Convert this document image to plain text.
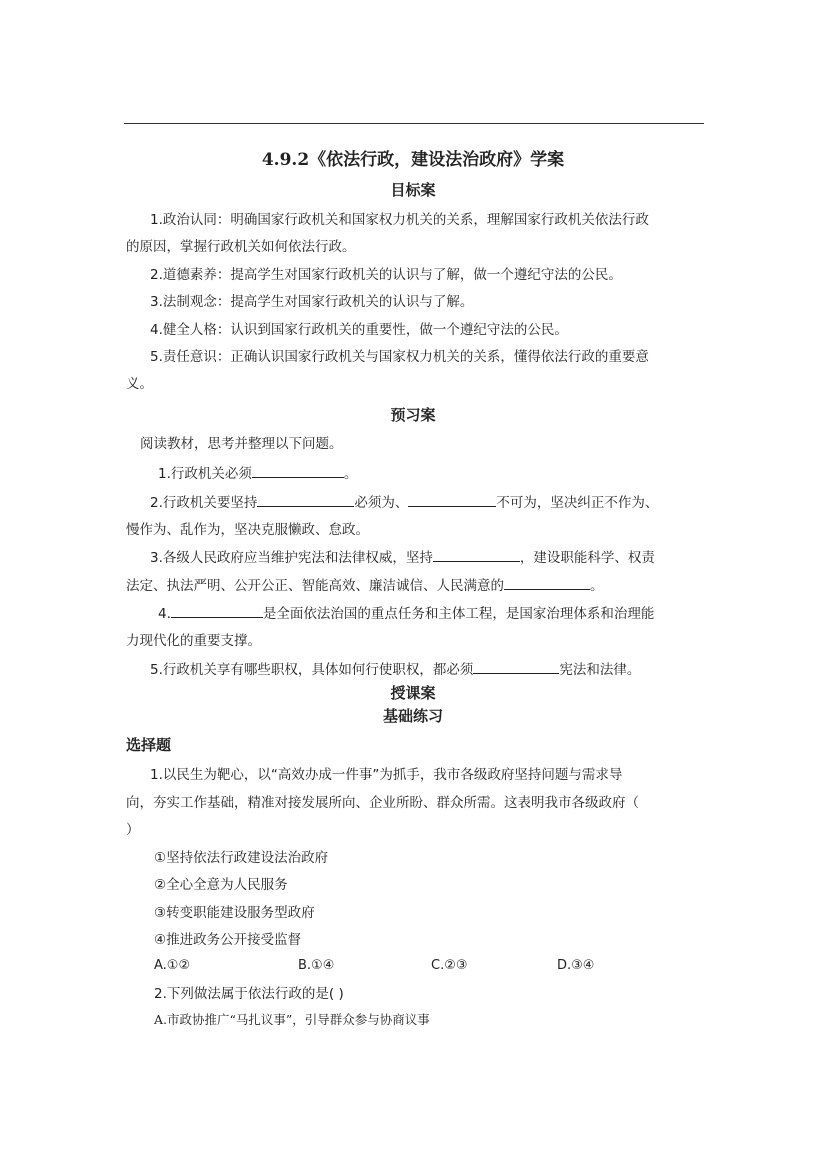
4.9.2《依法行政，建设法治政府》学案
目标案
1.政治认同：明确国家行政机关和国家权力机关的关系，理解国家行政机关依法行政
的原因，掌握行政机关如何依法行政。
2.道德素养：提高学生对国家行政机关的认识与了解，做一个遵纪守法的公民。
3.法制观念：提高学生对国家行政机关的认识与了解。
4.健全人格：认识到国家行政机关的重要性，做一个遵纪守法的公民。
5.责任意识：正确认识国家行政机关与国家权力机关的关系，懂得依法行政的重要意
义。
预习案
阅读教材，思考并整理以下问题。
1.行政机关必须	。
2.行政机关要坚持	必须为、	不可为，坚决纠正不作为、
慢作为、乱作为，坚决克服懒政、怠政。
3.各级人民政府应当维护宪法和法律权威，坚持	，建设职能科学、权责
法定、执法严明、公开公正、智能高效、廉洁诚信、人民满意的	。
4.	是全面依法治国的重点任务和主体工程，是国家治理体系和治理能
力现代化的重要支撑。
5.行政机关享有哪些职权，具体如何行使职权，都必须	宪法和法律。
授课案
基础练习
选择题
1.以民生为靶心，以“高效办成一件事”为抓手，我市各级政府坚持问题与需求导
向，夯实工作基础，精准对接发展所向、企业所盼、群众所需。这表明我市各级政府（
）
①坚持依法行政建设法治政府
②全心全意为人民服务
③转变职能建设服务型政府
④推进政务公开接受监督
A.①②	B.①④	C.②③	D.③④
2.下列做法属于依法行政的是( )
A.市政协推广“马扎议事”，引导群众参与协商议事
